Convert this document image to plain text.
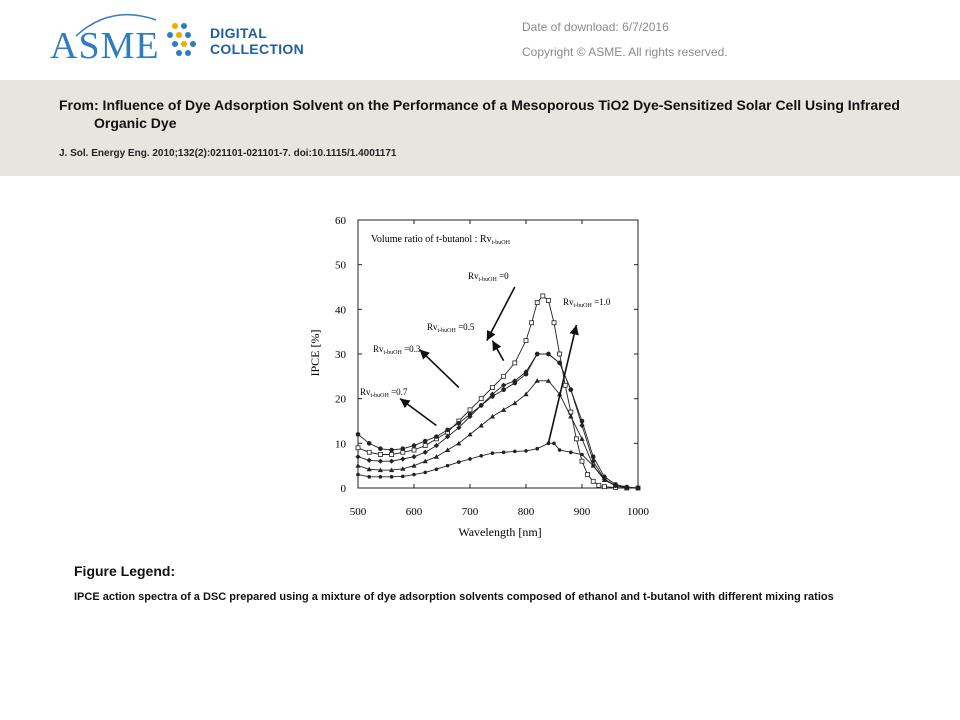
ASME	DIGITAL
COLLECTION
Date of download: 6/7/2016
Copyright © ASME. All rights reserved.
From: Influence of Dye Adsorption Solvent on the Performance of a Mesoporous TiO2 Dye-Sensitized Solar Cell Using Infrared Organic Dye
J. Sol. Energy Eng. 2010;132(2):021101-021101-7. doi:10.1115/1.4001171
500	600	700	800	900	1000
0
10
20
30
40
50
60
Volume ratio of t-butanol : $Rv_{t-buOH}$
$Rv_{t-buOH} =0$
$Rv_{t-buOH} =0.5$
$Rv_{t-buOH} =0.3$
$Rv_{t-buOH} =0.7$
$Rv_{t-buOH} =1.0$
Wavelength [nm]
IPCE [%]
Figure Legend:
IPCE action spectra of a DSC prepared using a mixture of dye adsorption solvents composed of ethanol and t-butanol with different mixing ratios
